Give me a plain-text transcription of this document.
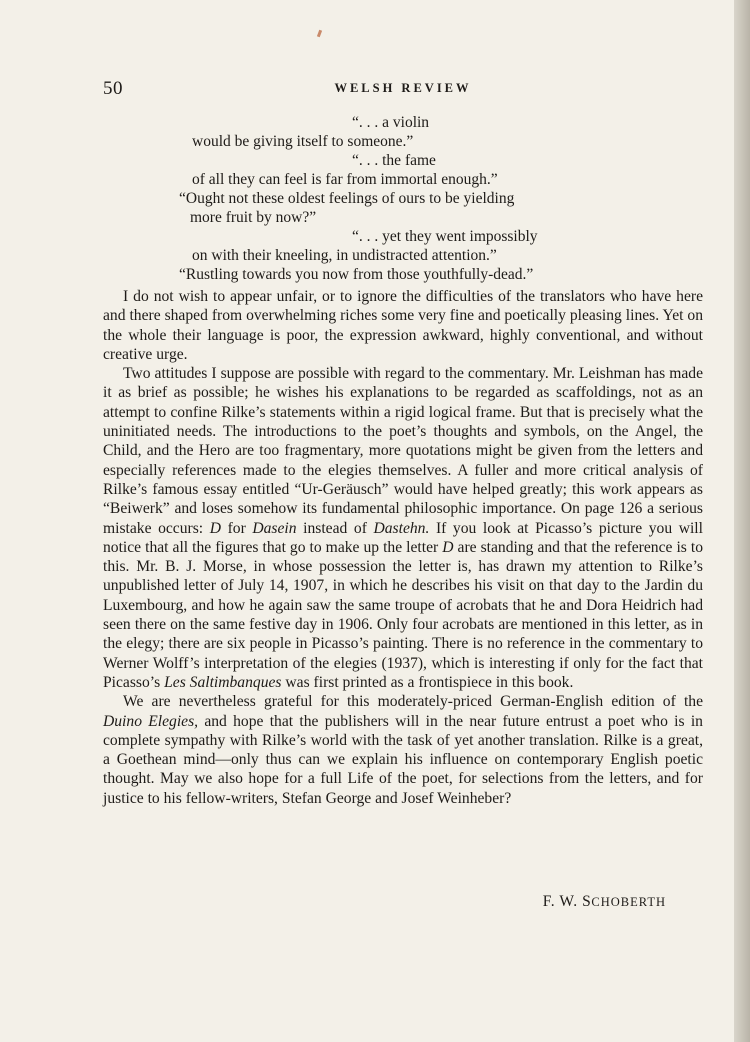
50	WELSH REVIEW
“. . . a violin
would be giving itself to someone.”
“. . . the fame
of all they can feel is far from immortal enough.”
“Ought not these oldest feelings of ours to be yielding
more fruit by now?”
“. . . yet they went impossibly
on with their kneeling, in undistracted attention.”
“Rustling towards you now from those youthfully-dead.”

I do not wish to appear unfair, or to ignore the difficulties of the translators who have here and there shaped from overwhelming riches some very fine and poetically pleasing lines. Yet on the whole their language is poor, the expression awkward, highly conventional, and without creative urge.

Two attitudes I suppose are possible with regard to the commentary. Mr. Leishman has made it as brief as possible; he wishes his explanations to be regarded as scaffoldings, not as an attempt to confine Rilke’s statements within a rigid logical frame. But that is precisely what the uninitiated needs. The introductions to the poet’s thoughts and symbols, on the Angel, the Child, and the Hero are too fragmentary, more quotations might be given from the letters and especially references made to the elegies themselves. A fuller and more critical analysis of Rilke’s famous essay entitled “Ur-Geräusch” would have helped greatly; this work appears as “Beiwerk” and loses somehow its fundamental philosophic importance. On page 126 a serious mistake occurs: D for Dasein instead of Dastehn. If you look at Picasso’s picture you will notice that all the figures that go to make up the letter D are standing and that the reference is to this. Mr. B. J. Morse, in whose possession the letter is, has drawn my attention to Rilke’s unpublished letter of July 14, 1907, in which he describes his visit on that day to the Jardin du Luxembourg, and how he again saw the same troupe of acrobats that he and Dora Heidrich had seen there on the same festive day in 1906. Only four acrobats are mentioned in this letter, as in the elegy; there are six people in Picasso’s painting. There is no reference in the commentary to Werner Wolff’s interpretation of the elegies (1937), which is interesting if only for the fact that Picasso’s Les Saltimbanques was first printed as a frontispiece in this book.

We are nevertheless grateful for this moderately-priced German-English edition of the Duino Elegies, and hope that the publishers will in the near future entrust a poet who is in complete sympathy with Rilke’s world with the task of yet another translation. Rilke is a great, a Goethean mind—only thus can we explain his influence on contemporary English poetic thought. May we also hope for a full Life of the poet, for selections from the letters, and for justice to his fellow-writers, Stefan George and Josef Weinheber?

F. W. SCHOBERTH
